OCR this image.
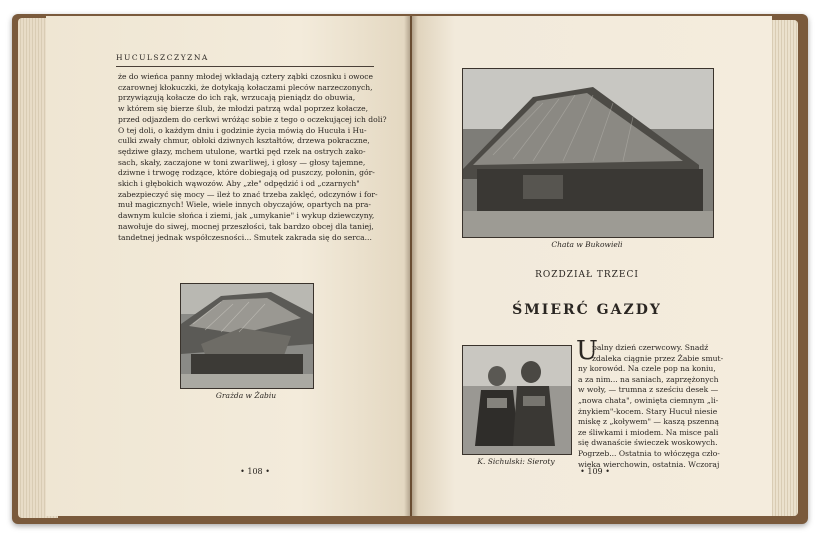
HUCULSZCZYZNA
że do wieńca panny młodej wkładają cztery ząbki czosnku i owoce
czarownej kłokuczki, że dotykają kołaczami pleców narzeczonych,
przywiązują kołacze do ich rąk, wrzucają pieniądz do obuwia,
w którem się bierze ślub, że młodzi patrzą wdal poprzez kołacze,
przed odjazdem do cerkwi wróżąc sobie z tego o oczekującej ich doli?
O tej doli, o każdym dniu i godzinie życia mówią do Hucuła i Hu-
culki zwały chmur, obłoki dziwnych kształtów, drzewa pokraczne,
sędziwe głazy, mchem utulone, wartki pęd rzek na ostrych zako-
sach, skały, zaczajone w toni zwarliwej, i głosy — głosy tajemne,
dziwne i trwogę rodzące, które dobiegają od puszczy, połonin, gór-
skich i głębokich wąwozów. Aby „złe" odpędzić i od „czarnych"
zabezpieczyć się mocy — ileż to znać trzeba zaklęć, odczynów i for-
muł magicznych! Wiele, wiele innych obyczajów, opartych na pra-
dawnym kulcie słońca i ziemi, jak „umykanie" i wykup dziewczyny,
nawołuje do siwej, mocnej przeszłości, tak bardzo obcej dla taniej,
tandetnej jednak współczesności... Smutek zakrada się do serca...
Grażda w Żabiu
• 108 •
Chata w Bukowieli
ROZDZIAŁ TRZECI
ŚMIERĆ GAZDY
K. Sichulski: Sieroty
U
palny dzień czerwcowy. Snadź
zdaleka ciągnie przez Żabie smut-
ny korowód. Na czele pop na koniu,
a za nim... na saniach, zaprzężonych
w woły, — trumna z sześciu desek —
„nowa chata", owinięta ciemnym „li-
żnykiem"-kocem. Stary Hucuł niesie
miskę z „koływem" — kaszą pszenną
ze śliwkami i miodem. Na misce pali
się dwanaście świeczek woskowych.
Pogrzeb... Ostatnia to włóczęga czło-
wieka wierchowin, ostatnia. Wczoraj
• 109 •
